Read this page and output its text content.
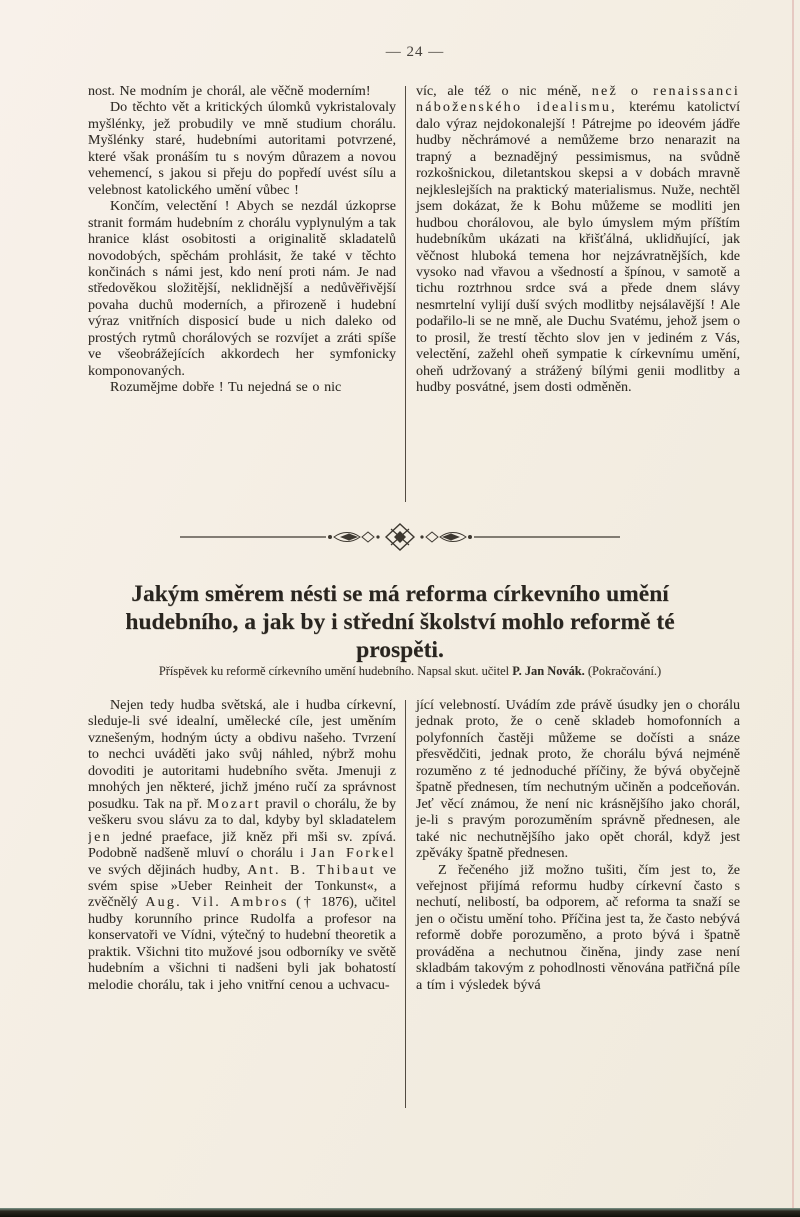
— 24 —

nost. Ne modním je chorál, ale věčně moderním!

Do těchto vět a kritických úlomků vykristalovaly myšlénky, jež probudily ve mně studium chorálu. Myšlénky staré, hudebními autoritami potvrzené, které však pronáším tu s novým důrazem a novou vehemencí, s jakou si přeju do popředí uvést sílu a velebnost katolického umění vůbec !

Končím, velectění ! Abych se nezdál úzkoprse stranit formám hudebním z chorálu vyplynulým a tak hranice klást osobitosti a originalitě skladatelů novodobých, spěchám prohlásit, že také v těchto končinách s námi jest, kdo není proti nám. Je nad středověkou složitější, neklidnější a nedůvěřivější povaha duchů moderních, a přirozeně i hudební výraz vnitřních disposicí bude u nich daleko od prostých rytmů chorálových se rozvíjet a zráti spíše ve všeobrážejících akkordech her symfonicky komponovaných.

Rozumějme dobře ! Tu nejedná se o nic

víc, ale též o nic méně, než o renaissanci náboženského idealismu, kterému katolictví dalo výraz nejdokonalejší ! Pátrejme po ideovém jádře hudby něchrámové a nemůžeme brzo nenarazit na trapný a beznadějný pessimismus, na svůdně rozkošnickou, diletantskou skepsi a v dobách mravně nejkleslejších na praktický materialismus. Nuže, nechtěl jsem dokázat, že k Bohu můžeme se modliti jen hudbou chorálovou, ale bylo úmyslem mým příštím hudebníkům ukázati na křišťálná, uklidňující, jak věčnost hluboká temena hor nejzávratnějších, kde vysoko nad vřavou a všedností a špínou, v samotě a tichu roztrhnou srdce svá a přede dnem slávy nesmrtelní vylijí duší svých modlitby nejsálavější ! Ale podařilo-li se ne mně, ale Duchu Svatému, jehož jsem o to prosil, že trestí těchto slov jen v jediném z Vás, velectění, zažehl oheň sympatie k církevnímu umění, oheň udržovaný a strážený bílými genii modlitby a hudby posvátné, jsem dosti odměněn.

Jakým směrem nésti se má reforma církevního umění hudebního, a jak by i střední školství mohlo reformě té prospěti.
Příspěvek ku reformě církevního umění hudebního. Napsal skut. učitel P. Jan Novák. (Pokračování.)

Nejen tedy hudba světská, ale i hudba církevní, sleduje-li své idealní, umělecké cíle, jest uměním vznešeným, hodným úcty a obdivu našeho. Tvrzení to nechci uváděti jako svůj náhled, nýbrž mohu dovoditi je autoritami hudebního světa. Jmenuji z mnohých jen některé, jichž jméno ručí za správnost posudku. Tak na př. Mozart pravil o chorálu, že by veškeru svou slávu za to dal, kdyby byl skladatelem jen jedné praeface, již kněz při mši sv. zpívá. Podobně nadšeně mluví o chorálu i Jan Forkel ve svých dějinách hudby, Ant. B. Thibaut ve svém spise »Ueber Reinheit der Tonkunst«, a zvěčnělý Aug. Vil. Ambros († 1876), učitel hudby korunního prince Rudolfa a profesor na konservatoři ve Vídni, výtečný to hudební theoretik a praktik. Všichni tito mužové jsou odborníky ve světě hudebním a všichni ti nadšeni byli jak bohatostí melodie chorálu, tak i jeho vnitřní cenou a uchvacu-

jící velebností. Uvádím zde právě úsudky jen o chorálu jednak proto, že o ceně skladeb homofonních a polyfonních častěji můžeme se dočísti a snáze přesvědčiti, jednak proto, že chorálu bývá nejméně rozuměno z té jednoduché příčiny, že bývá obyčejně špatně přednesen, tím nechutným učiněn a podceňován. Jeť věcí známou, že není nic krásnějšího jako chorál, je-li s pravým porozuměním správně přednesen, ale také nic nechutnějšího jako opět chorál, když jest zpěváky špatně přednesen.

Z řečeného již možno tušiti, čím jest to, že veřejnost přijímá reformu hudby církevní často s nechutí, nelibostí, ba odporem, ač reforma ta snaží se jen o očistu umění toho. Příčina jest ta, že často nebývá reformě dobře porozuměno, a proto bývá i špatně prováděna a nechutnou činěna, jindy zase není skladbám takovým z pohodlnosti věnována patřičná píle a tím i výsledek bývá
